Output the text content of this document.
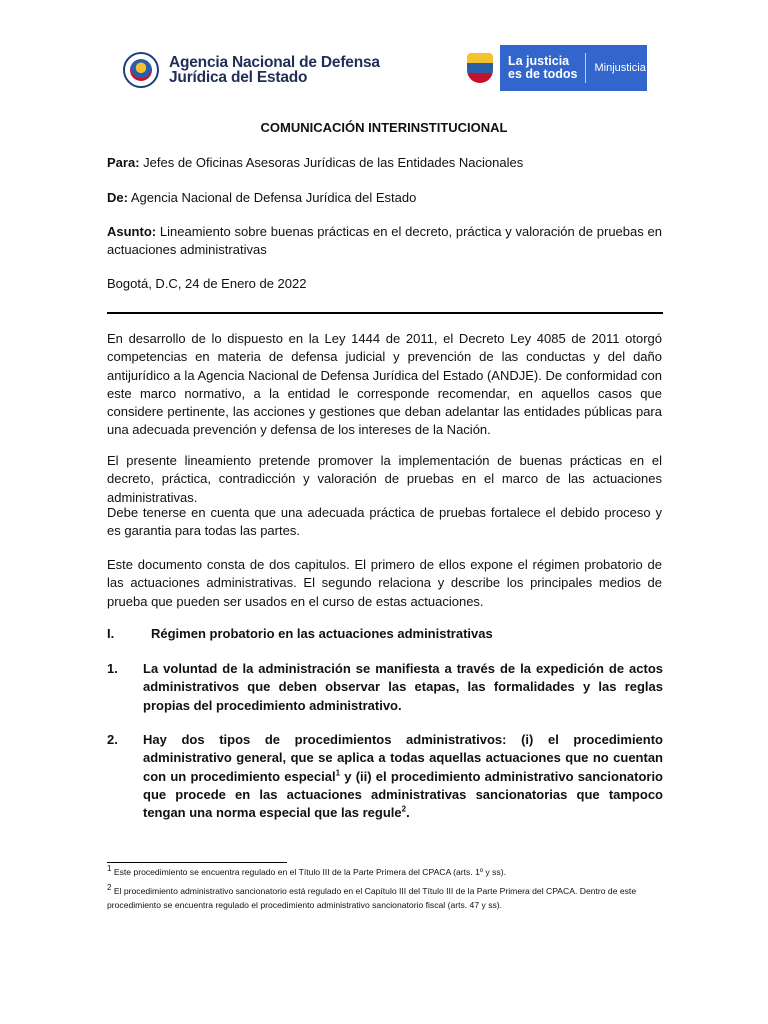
Agencia Nacional de Defensa
Jurídica del Estado
La justicia
es de todos Minjusticia
COMUNICACIÓN INTERINSTITUCIONAL
Para: Jefes de Oficinas Asesoras Jurídicas de las Entidades Nacionales
De: Agencia Nacional de Defensa Jurídica del Estado
Asunto: Lineamiento sobre buenas prácticas en el decreto, práctica y valoración de pruebas en actuaciones administrativas
Bogotá, D.C, 24 de Enero de 2022
En desarrollo de lo dispuesto en la Ley 1444 de 2011, el Decreto Ley 4085 de 2011 otorgó competencias en materia de defensa judicial y prevención de las conductas y del daño antijurídico a la Agencia Nacional de Defensa Jurídica del Estado (ANDJE). De conformidad con este marco normativo, a la entidad le corresponde recomendar, en aquellos casos que considere pertinente, las acciones y gestiones que deban adelantar las entidades públicas para una adecuada prevención y defensa de los intereses de la Nación.
El presente lineamiento pretende promover la implementación de buenas prácticas en el decreto, práctica, contradicción y valoración de pruebas en el marco de las actuaciones administrativas.
Debe tenerse en cuenta que una adecuada práctica de pruebas fortalece el debido proceso y es garantia para todas las partes.
Este documento consta de dos capitulos. El primero de ellos expone el régimen probatorio de las actuaciones administrativas. El segundo relaciona y describe los principales medios de prueba que pueden ser usados en el curso de estas actuaciones.
I.	Régimen probatorio en las actuaciones administrativas
1. La voluntad de la administración se manifiesta a través de la expedición de actos administrativos que deben observar las etapas, las formalidades y las reglas propias del procedimiento administrativo.
2. Hay dos tipos de procedimientos administrativos: (i) el procedimiento administrativo general, que se aplica a todas aquellas actuaciones que no cuentan con un procedimiento especial$^1$ y (ii) el procedimiento administrativo sancionatorio que procede en las actuaciones administrativas sancionatorias que tampoco tengan una norma especial que las regule$^2$.
$^1$ Este procedimiento se encuentra regulado en el Título III de la Parte Primera del CPACA (arts. 1º y ss).
$^2$ El procedimiento administrativo sancionatorio está regulado en el Capítulo III del Título III de la Parte Primera del CPACA. Dentro de este procedimiento se encuentra regulado el procedimiento administrativo sancionatorio fiscal (arts. 47 y ss).
